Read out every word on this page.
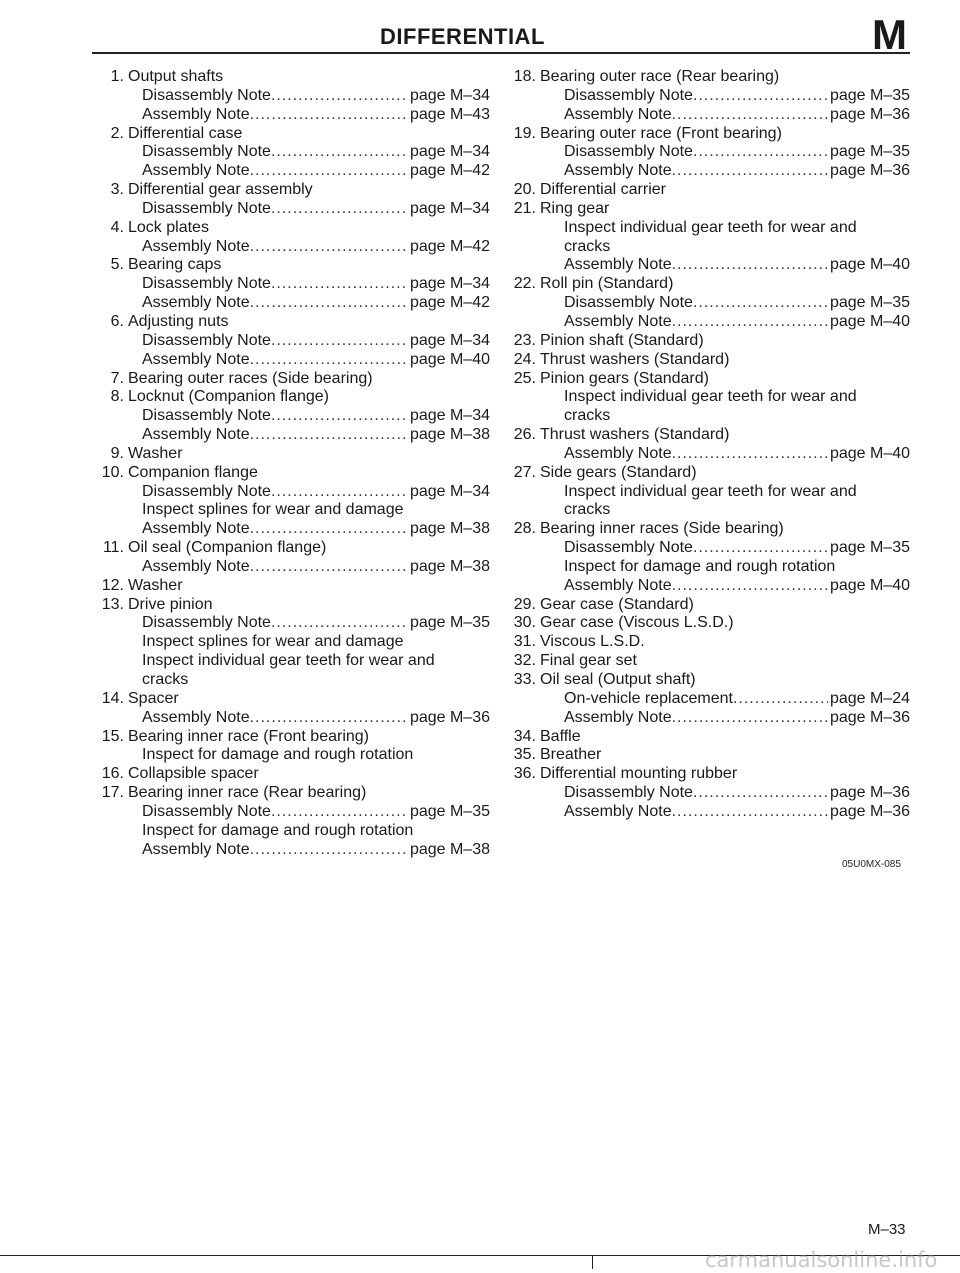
DIFFERENTIAL	M
1. Output shafts
Disassembly Note .....	page M–34
Assembly Note .....	page M–43
2. Differential case
Disassembly Note .....	page M–34
Assembly Note .....	page M–42
3. Differential gear assembly
Disassembly Note .....	page M–34
4. Lock plates
Assembly Note .....	page M–42
5. Bearing caps
Disassembly Note .....	page M–34
Assembly Note .....	page M–42
6. Adjusting nuts
Disassembly Note .....	page M–34
Assembly Note .....	page M–40
7. Bearing outer races (Side bearing)
8. Locknut (Companion flange)
Disassembly Note .....	page M–34
Assembly Note .....	page M–38
9. Washer
10. Companion flange
Disassembly Note .....	page M–34
Inspect splines for wear and damage
Assembly Note .....	page M–38
11. Oil seal (Companion flange)
Assembly Note .....	page M–38
12. Washer
13. Drive pinion
Disassembly Note .....	page M–35
Inspect splines for wear and damage
Inspect individual gear teeth for wear and
cracks
14. Spacer
Assembly Note .....	page M–36
15. Bearing inner race (Front bearing)
Inspect for damage and rough rotation
16. Collapsible spacer
17. Bearing inner race (Rear bearing)
Disassembly Note .....	page M–35
Inspect for damage and rough rotation
Assembly Note .....	page M–38
18. Bearing outer race (Rear bearing)
Disassembly Note .....	page M–35
Assembly Note .....	page M–36
19. Bearing outer race (Front bearing)
Disassembly Note .....	page M–35
Assembly Note .....	page M–36
20. Differential carrier
21. Ring gear
Inspect individual gear teeth for wear and
cracks
Assembly Note .....	page M–40
22. Roll pin (Standard)
Disassembly Note .....	page M–35
Assembly Note .....	page M–40
23. Pinion shaft (Standard)
24. Thrust washers (Standard)
25. Pinion gears (Standard)
Inspect individual gear teeth for wear and
cracks
26. Thrust washers (Standard)
Assembly Note .....	page M–40
27. Side gears (Standard)
Inspect individual gear teeth for wear and
cracks
28. Bearing inner races (Side bearing)
Disassembly Note .....	page M–35
Inspect for damage and rough rotation
Assembly Note .....	page M–40
29. Gear case (Standard)
30. Gear case (Viscous L.S.D.)
31. Viscous L.S.D.
32. Final gear set
33. Oil seal (Output shaft)
On-vehicle replacement .....	page M–24
Assembly Note .....	page M–36
34. Baffle
35. Breather
36. Differential mounting rubber
Disassembly Note .....	page M–36
Assembly Note .....	page M–36
05U0MX-085
M–33
carmanualsonline.info
